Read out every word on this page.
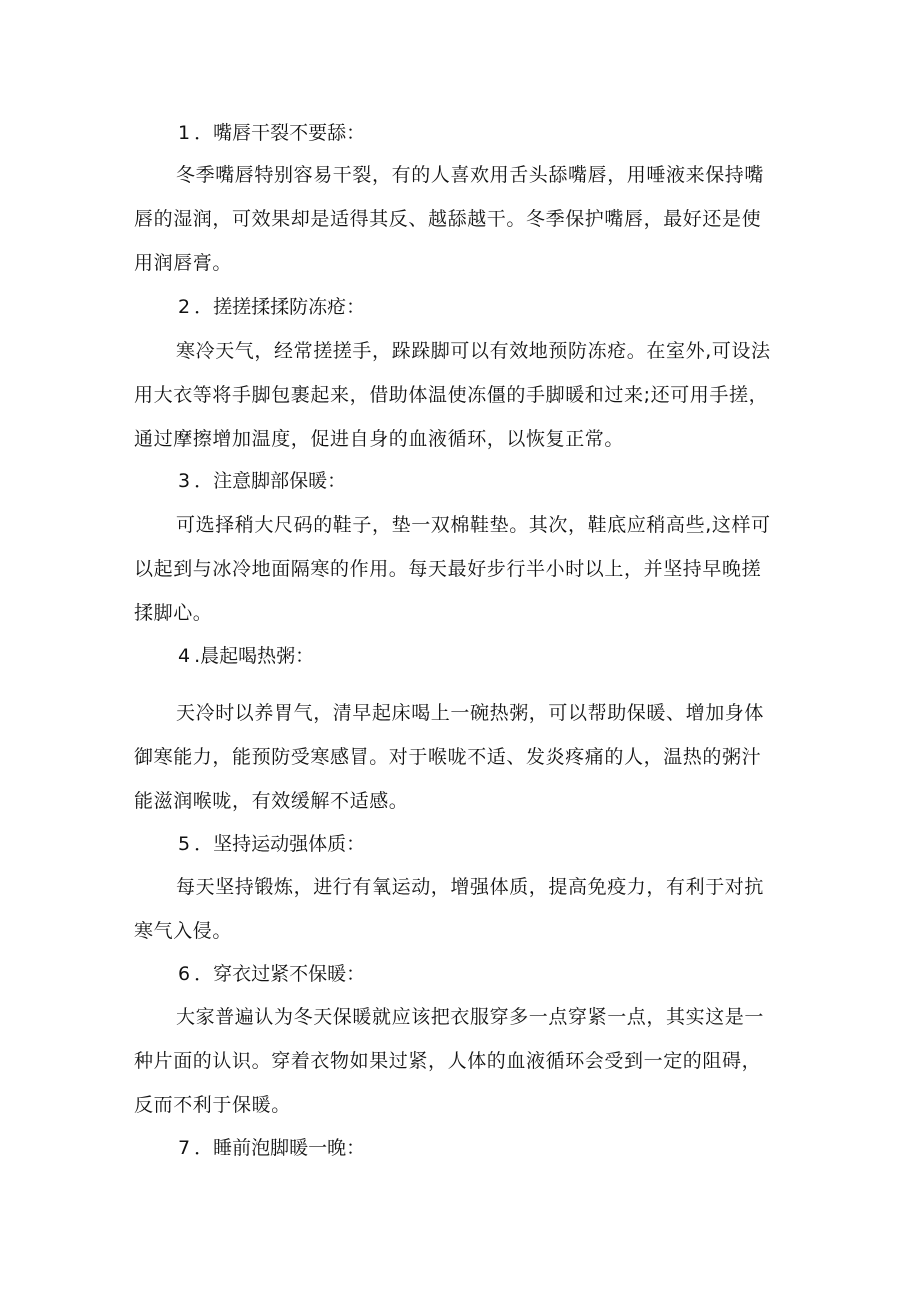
1 ．嘴唇干裂不要舔：
冬季嘴唇特别容易干裂，有的人喜欢用舌头舔嘴唇，用唾液来保持嘴
唇的湿润，可效果却是适得其反、越舔越干。冬季保护嘴唇，最好还是使
用润唇膏。
2 ．搓搓揉揉防冻疮：
寒冷天气，经常搓搓手，跺跺脚可以有效地预防冻疮。在室外,可设法
用大衣等将手脚包裹起来，借助体温使冻僵的手脚暖和过来;还可用手搓，
通过摩擦增加温度，促进自身的血液循环，以恢复正常。
3 ．注意脚部保暖：
可选择稍大尺码的鞋子，垫一双棉鞋垫。其次，鞋底应稍高些,这样可
以起到与冰冷地面隔寒的作用。每天最好步行半小时以上，并坚持早晚搓
揉脚心。
4 .晨起喝热粥：
天冷时以养胃气，清早起床喝上一碗热粥，可以帮助保暖、增加身体
御寒能力，能预防受寒感冒。对于喉咙不适、发炎疼痛的人，温热的粥汁
能滋润喉咙，有效缓解不适感。
5 ．坚持运动强体质：
每天坚持锻炼，进行有氧运动，增强体质，提高免疫力，有利于对抗
寒气入侵。
6 ．穿衣过紧不保暖：
大家普遍认为冬天保暖就应该把衣服穿多一点穿紧一点，其实这是一
种片面的认识。穿着衣物如果过紧，人体的血液循环会受到一定的阻碍，
反而不利于保暖。
7 ．睡前泡脚暖一晚：
